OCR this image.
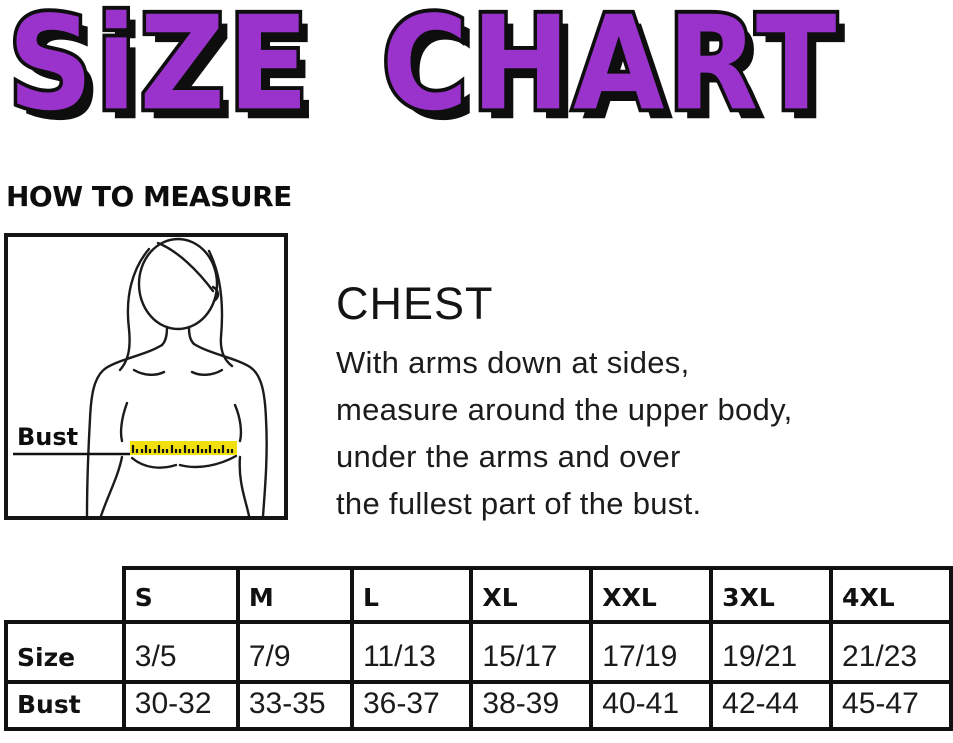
SiZE CHART
HOW TO MEASURE
Bust
CHEST
With arms down at sides,
measure around the upper body,
under the arms and over
the fullest part of the bust.
	S	M	L	XL	XXL	3XL	4XL
Size	3/5	7/9	11/13	15/17	17/19	19/21	21/23
Bust	30-32	33-35	36-37	38-39	40-41	42-44	45-47
